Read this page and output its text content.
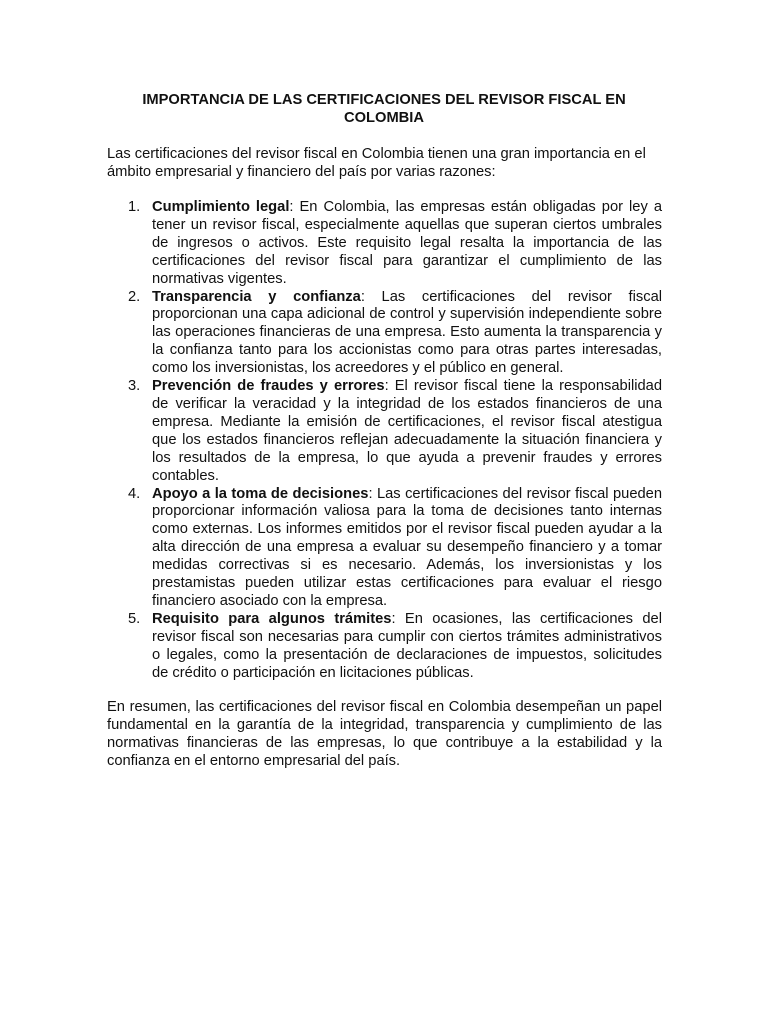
IMPORTANCIA DE LAS CERTIFICACIONES DEL REVISOR FISCAL EN COLOMBIA

Las certificaciones del revisor fiscal en Colombia tienen una gran importancia en el ámbito empresarial y financiero del país por varias razones:

1. Cumplimiento legal: En Colombia, las empresas están obligadas por ley a tener un revisor fiscal, especialmente aquellas que superan ciertos umbrales de ingresos o activos. Este requisito legal resalta la importancia de las certificaciones del revisor fiscal para garantizar el cumplimiento de las normativas vigentes.
2. Transparencia y confianza: Las certificaciones del revisor fiscal proporcionan una capa adicional de control y supervisión independiente sobre las operaciones financieras de una empresa. Esto aumenta la transparencia y la confianza tanto para los accionistas como para otras partes interesadas, como los inversionistas, los acreedores y el público en general.
3. Prevención de fraudes y errores: El revisor fiscal tiene la responsabilidad de verificar la veracidad y la integridad de los estados financieros de una empresa. Mediante la emisión de certificaciones, el revisor fiscal atestigua que los estados financieros reflejan adecuadamente la situación financiera y los resultados de la empresa, lo que ayuda a prevenir fraudes y errores contables.
4. Apoyo a la toma de decisiones: Las certificaciones del revisor fiscal pueden proporcionar información valiosa para la toma de decisiones tanto internas como externas. Los informes emitidos por el revisor fiscal pueden ayudar a la alta dirección de una empresa a evaluar su desempeño financiero y a tomar medidas correctivas si es necesario. Además, los inversionistas y los prestamistas pueden utilizar estas certificaciones para evaluar el riesgo financiero asociado con la empresa.
5. Requisito para algunos trámites: En ocasiones, las certificaciones del revisor fiscal son necesarias para cumplir con ciertos trámites administrativos o legales, como la presentación de declaraciones de impuestos, solicitudes de crédito o participación en licitaciones públicas.

En resumen, las certificaciones del revisor fiscal en Colombia desempeñan un papel fundamental en la garantía de la integridad, transparencia y cumplimiento de las normativas financieras de las empresas, lo que contribuye a la estabilidad y la confianza en el entorno empresarial del país.
